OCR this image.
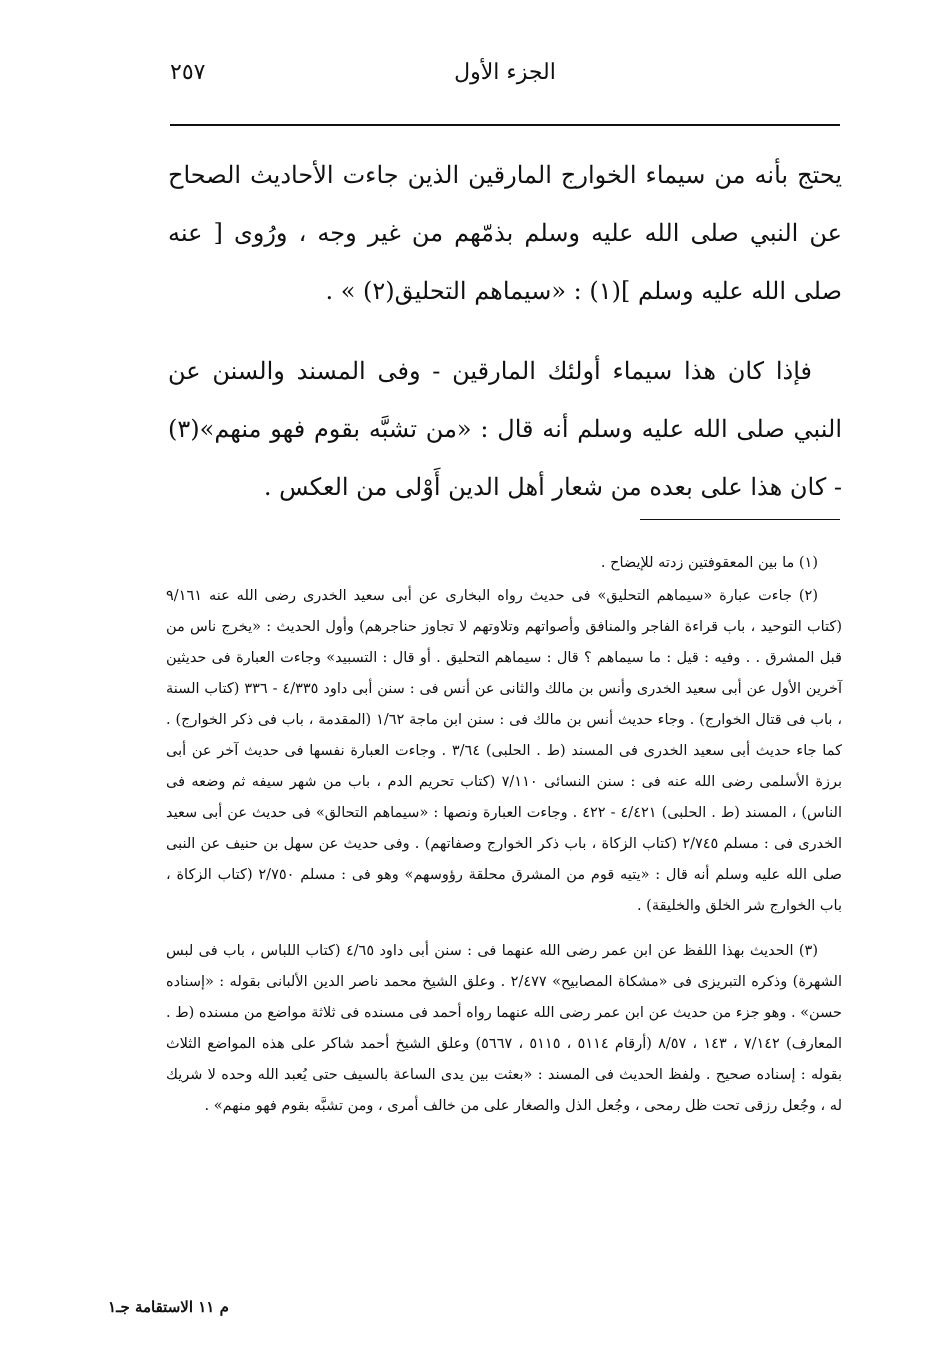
الجزء الأول
٢٥٧

يحتج بأنه من سيماء الخوارج المارقين الذين جاءت الأحاديث الصحاح عن النبي صلى الله عليه وسلم بذمّهم من غير وجه ، ورُوى [ عنه صلى الله عليه وسلم ](١) : «سيماهم التحليق(٢) » .

فإذا كان هذا سيماء أولئك المارقين - وفى المسند والسنن عن النبي صلى الله عليه وسلم أنه قال : «من تشبَّه بقوم فهو منهم»(٣) - كان هذا على بعده من شعار أهل الدين أَوْلى من العكس .

(١) ما بين المعقوفتين زدته للإيضاح .

(٢) جاءت عبارة «سيماهم التحليق» فى حديث رواه البخارى عن أبى سعيد الخدرى رضى الله عنه ٩/١٦١ (كتاب التوحيد ، باب قراءة الفاجر والمنافق وأصواتهم وتلاوتهم لا تجاوز حناجرهم) وأول الحديث : «يخرج ناس من قبل المشرق . . وفيه : قيل : ما سيماهم ؟ قال : سيماهم التحليق . أو قال : التسبيد» وجاءت العبارة فى حديثين آخرين الأول عن أبى سعيد الخدرى وأنس بن مالك والثانى عن أنس فى : سنن أبى داود ٤/٣٣٥ - ٣٣٦ (كتاب السنة ، باب فى قتال الخوارج) . وجاء حديث أنس بن مالك فى : سنن ابن ماجة ١/٦٢ (المقدمة ، باب فى ذكر الخوارج) . كما جاء حديث أبى سعيد الخدرى فى المسند (ط . الحلبى) ٣/٦٤ . وجاءت العبارة نفسها فى حديث آخر عن أبى برزة الأسلمى رضى الله عنه فى : سنن النسائى ٧/١١٠ (كتاب تحريم الدم ، باب من شهر سيفه ثم وضعه فى الناس) ، المسند (ط . الحلبى) ٤/٤٢١ - ٤٢٢ . وجاءت العبارة ونصها : «سيماهم التحالق» فى حديث عن أبى سعيد الخدرى فى : مسلم ٢/٧٤٥ (كتاب الزكاة ، باب ذكر الخوارج وصفاتهم) . وفى حديث عن سهل بن حنيف عن النبى صلى الله عليه وسلم أنه قال : «يتيه قوم من المشرق محلقة رؤوسهم» وهو فى : مسلم ٢/٧٥٠ (كتاب الزكاة ، باب الخوارج شر الخلق والخليقة) .

(٣) الحديث بهذا اللفظ عن ابن عمر رضى الله عنهما فى : سنن أبى داود ٤/٦٥ (كتاب اللباس ، باب فى لبس الشهرة) وذكره التبريزى فى «مشكاة المصابيح» ٢/٤٧٧ . وعلق الشيخ محمد ناصر الدين الألبانى بقوله : «إسناده حسن» . وهو جزء من حديث عن ابن عمر رضى الله عنهما رواه أحمد فى مسنده فى ثلاثة مواضع من مسنده (ط . المعارف) ٧/١٤٢ ، ١٤٣ ، ٨/٥٧ (أرقام ٥١١٤ ، ٥١١٥ ، ٥٦٦٧) وعلق الشيخ أحمد شاكر على هذه المواضع الثلاث بقوله : إسناده صحيح . ولفظ الحديث فى المسند : «بعثت بين يدى الساعة بالسيف حتى يُعبد الله وحده لا شريك له ، وجُعل رزقى تحت ظل رمحى ، وجُعل الذل والصغار على من خالف أمرى ، ومن تشبَّه بقوم فهو منهم» .

م ١١ الاستقامة جـ١
